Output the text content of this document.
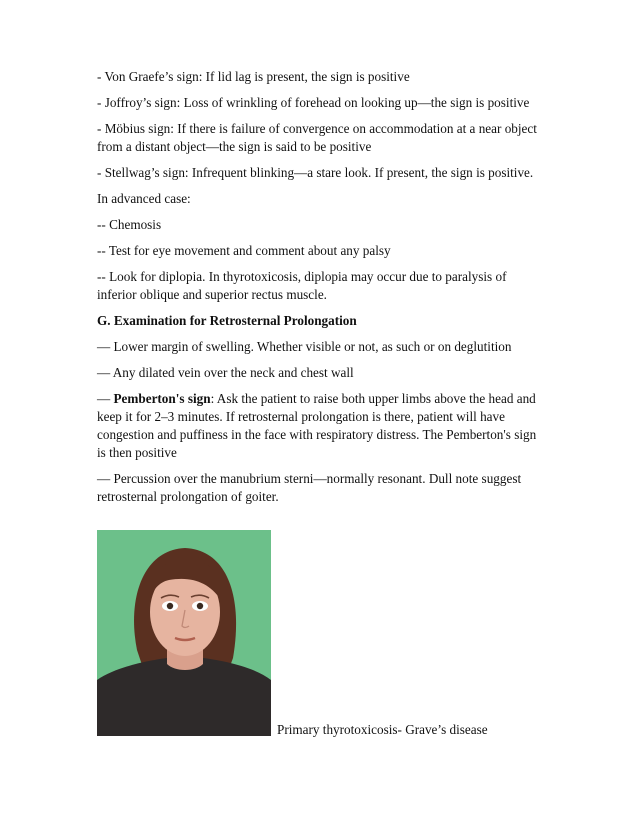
- Von Graefe’s sign: If lid lag is present, the sign is positive

- Joffroy’s sign: Loss of wrinkling of forehead on looking up—the sign is positive

- Möbius sign: If there is failure of convergence on accommodation at a near object from a distant object—the sign is said to be positive

- Stellwag’s sign: Infrequent blinking—a stare look. If present, the sign is positive.

In advanced case:

-- Chemosis

-- Test for eye movement and comment about any palsy

-- Look for diplopia. In thyrotoxicosis, diplopia may occur due to paralysis of inferior oblique and superior rectus muscle.

G. Examination for Retrosternal Prolongation

— Lower margin of swelling. Whether visible or not, as such or on deglutition

— Any dilated vein over the neck and chest wall

— Pemberton's sign: Ask the patient to raise both upper limbs above the head and keep it for 2–3 minutes. If retrosternal prolongation is there, patient will have congestion and puffiness in the face with respiratory distress. The Pemberton's sign is then positive

— Percussion over the manubrium sterni—normally resonant. Dull note suggest retrosternal prolongation of goiter.

Primary thyrotoxicosis- Grave’s disease
